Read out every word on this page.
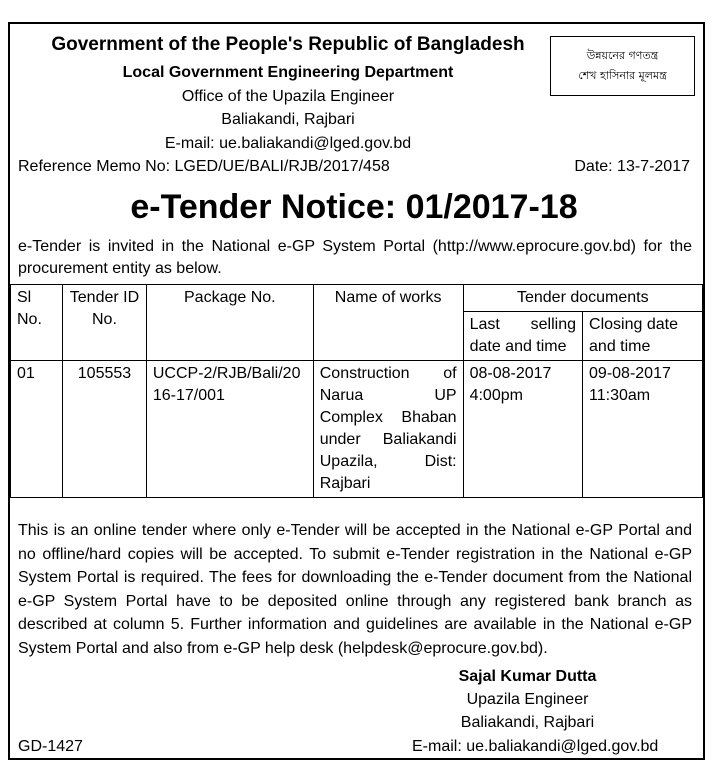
Government of the People's Republic of Bangladesh
Local Government Engineering Department
Office of the Upazila Engineer
Baliakandi, Rajbari
E-mail: ue.baliakandi@lged.gov.bd
উন্নয়নের গণতন্ত্র
শেখ হাসিনার মূলমন্ত্র
Reference Memo No: LGED/UE/BALI/RJB/2017/458	Date: 13-7-2017
e-Tender Notice: 01/2017-18
e-Tender is invited in the National e-GP System Portal (http://www.eprocure.gov.bd) for the procurement entity as below.
Sl No.	Tender ID No.	Package No.	Name of works	Tender documents	
				Last selling date and time	Closing date and time
01	105553	UCCP-2/RJB/Bali/2016-17/001	Construction of Narua UP Complex Bhaban under Baliakandi Upazila, Dist: Rajbari	08-08-2017 4:00pm	09-08-2017 11:30am
This is an online tender where only e-Tender will be accepted in the National e-GP Portal and no offline/hard copies will be accepted. To submit e-Tender registration in the National e-GP System Portal is required. The fees for downloading the e-Tender document from the National e-GP System Portal have to be deposited online through any registered bank branch as described at column 5. Further information and guidelines are available in the National e-GP System Portal and also from e-GP help desk (helpdesk@eprocure.gov.bd).
Sajal Kumar Dutta
Upazila Engineer
Baliakandi, Rajbari
GD-1427	E-mail: ue.baliakandi@lged.gov.bd
